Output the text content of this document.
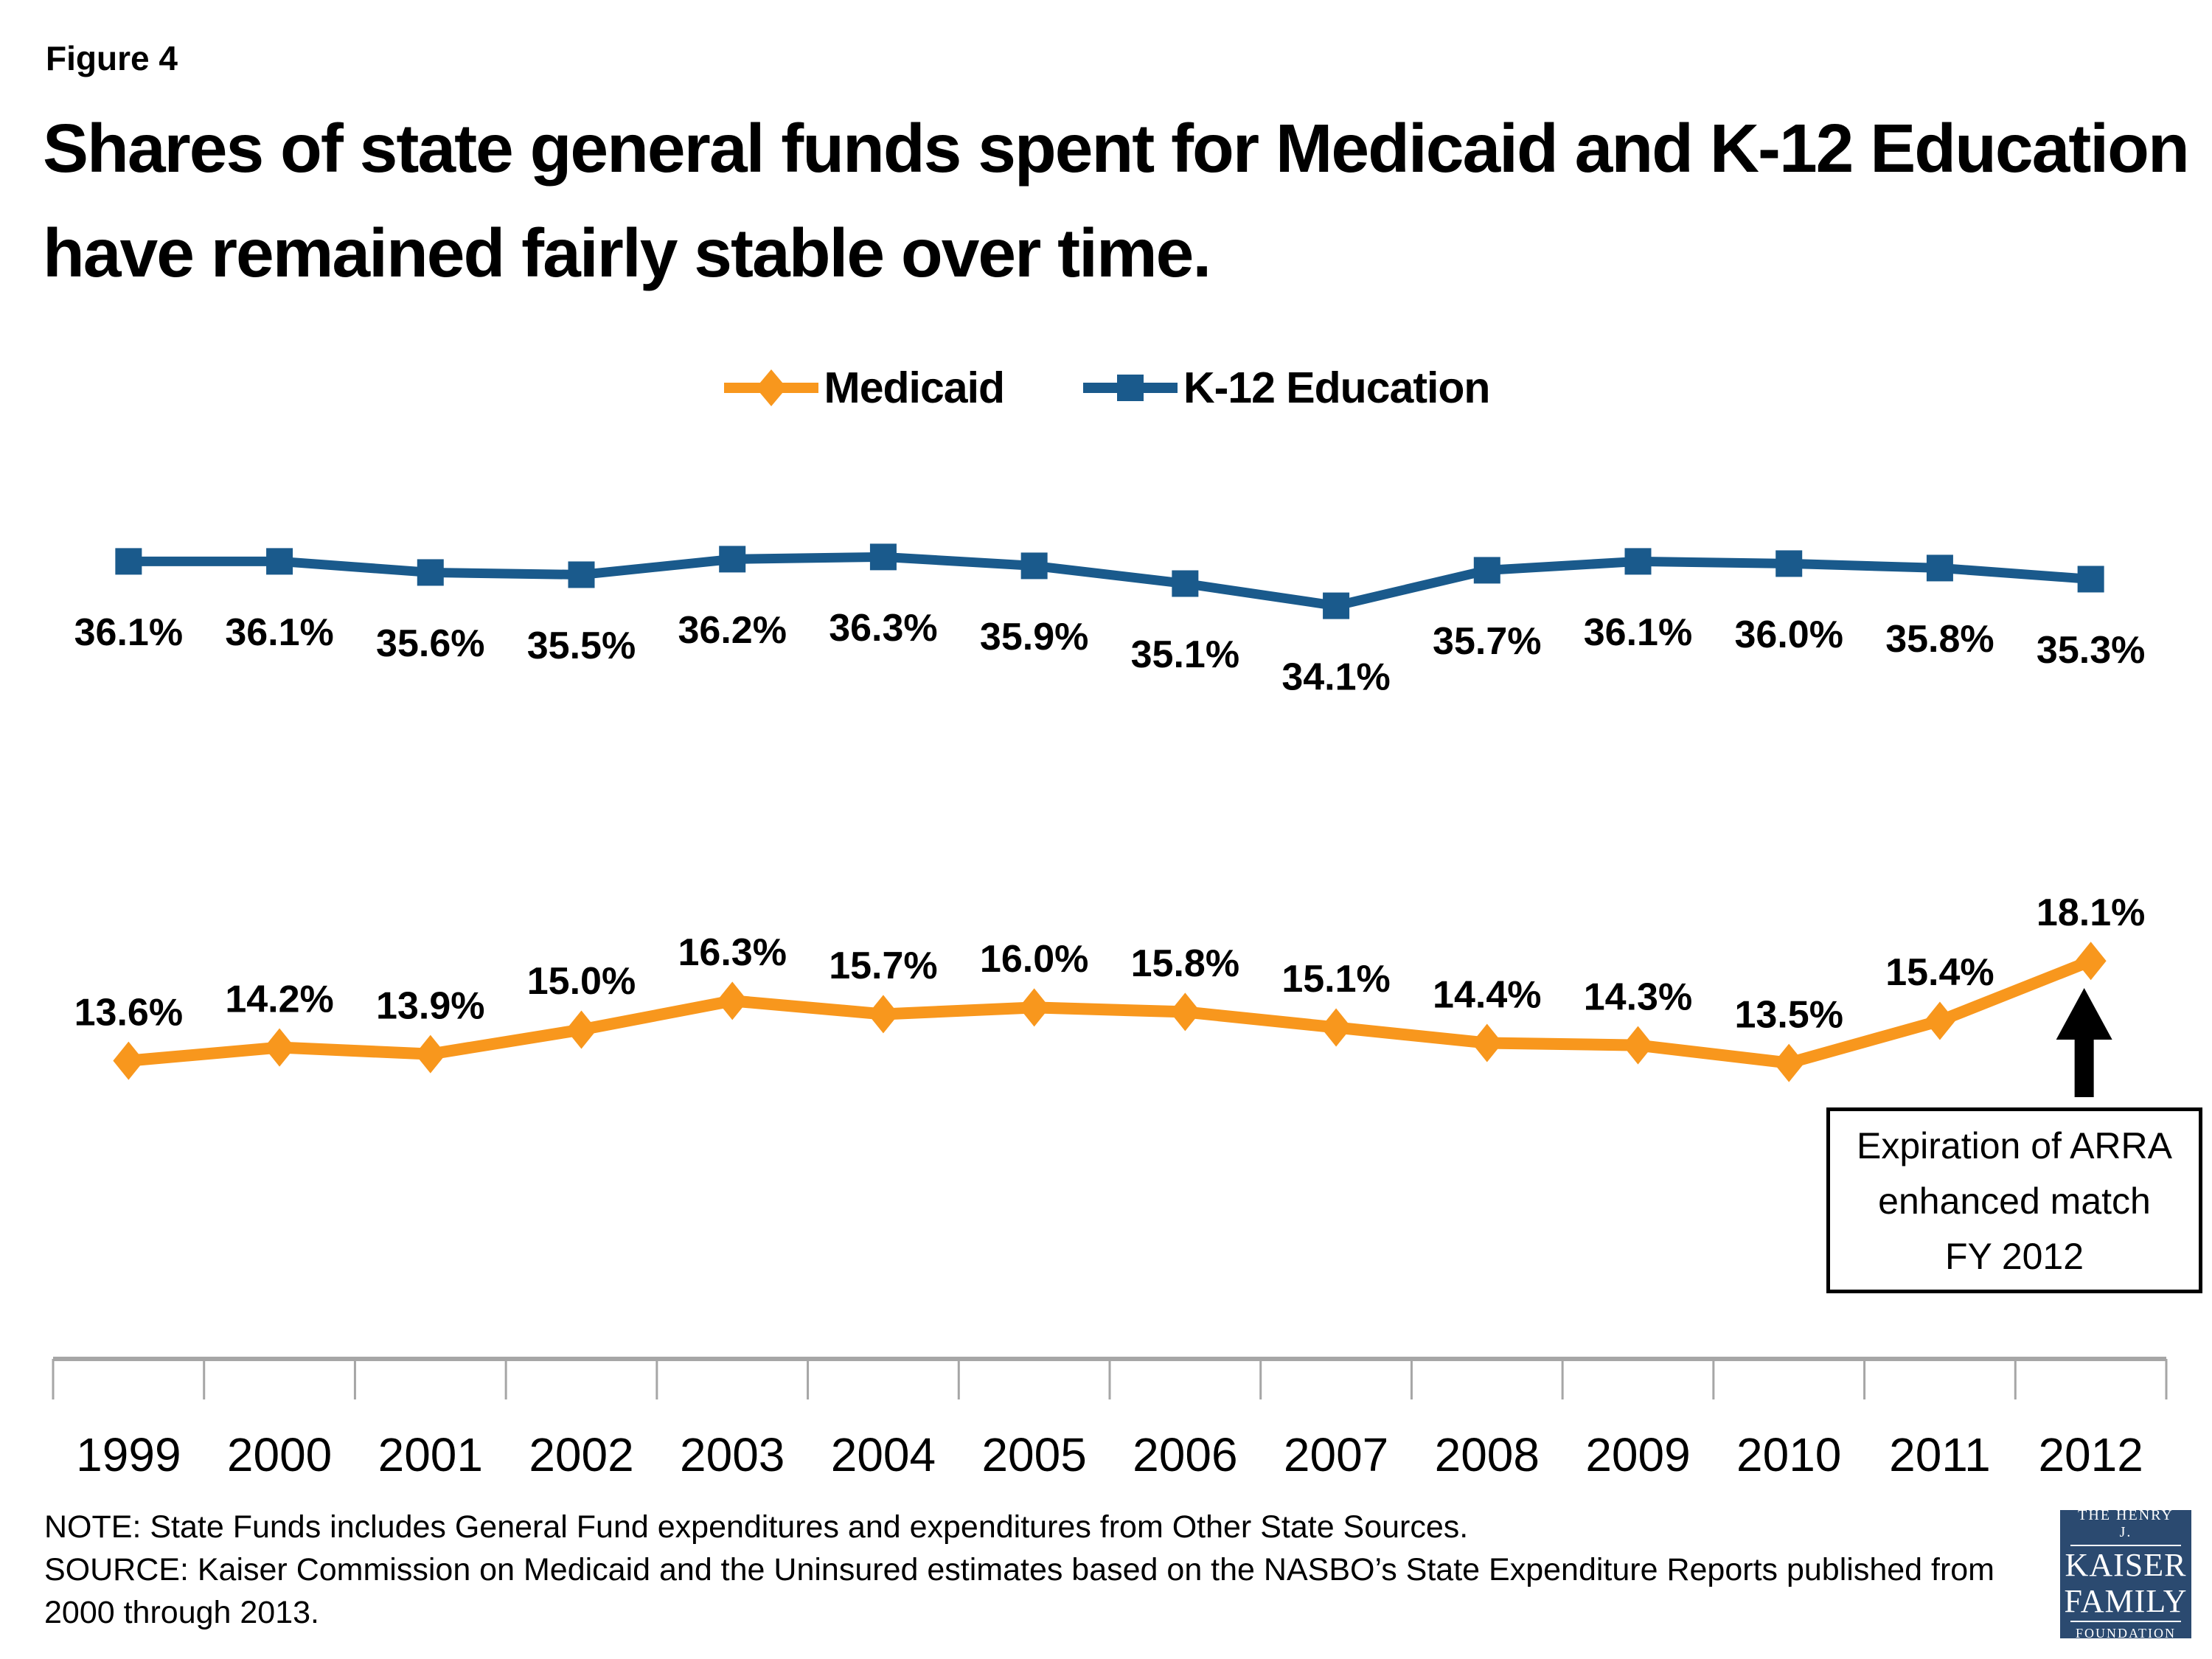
Figure 4
Shares of state general funds spent for Medicaid and K-12 Education have remained fairly stable over time.
Medicaid	K-12 Education
1999 2000 2001 2002 2003 2004 2005 2006 2007 2008 2009 2010 2011 2012
36.1% 36.1% 35.6% 35.5% 36.2% 36.3% 35.9% 35.1%
34.1%
35.7% 36.1% 36.0% 35.8% 35.3%
13.6% 14.2% 13.9%
15.0%
16.3% 15.7% 16.0% 15.8% 15.1% 14.4% 14.3% 13.5%
15.4%
18.1%
Expiration of ARRA
enhanced match
FY 2012

NOTE: State Funds includes General Fund expenditures and expenditures from Other State Sources.

SOURCE: Kaiser Commission on Medicaid and the Uninsured estimates based on the NASBO’s State Expenditure Reports published from 2000 through 2013.

THE HENRY J.
KAISER
FAMILY
FOUNDATION
